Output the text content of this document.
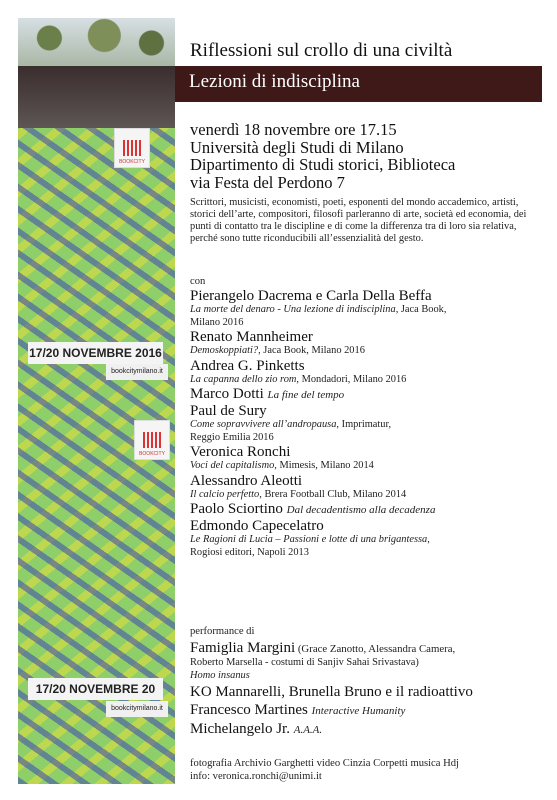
BOOKCITY
17/20 NOVEMBRE 2016
bookcitymilano.it
BOOKCITY
17/20 NOVEMBRE 20
bookcitymilano.it
Riflessioni sul crollo di una civiltà
Lezioni di indisciplina
venerdì 18 novembre ore 17.15
Università degli Studi di Milano
Dipartimento di Studi storici, Biblioteca
via Festa del Perdono 7
Scrittori, musicisti, economisti, poeti, esponenti del mondo accademico, artisti, storici dell’arte, compositori, filosofi parleranno di arte, società ed economia, dei punti di contatto tra le discipline e di come la differenza tra di loro sia relativa, perché sono tutte riconducibili all’essenzialità del gesto.
con
Pierangelo Dacrema e Carla Della Beffa
La morte del denaro - Una lezione di indisciplina, Jaca Book,
Milano 2016
Renato Mannheimer
Demoskoppiati?, Jaca Book, Milano 2016
Andrea G. Pinketts
La capanna dello zio rom, Mondadori, Milano 2016
Marco Dotti La fine del tempo
Paul de Sury
Come sopravvivere all’andropausa, Imprimatur,
Reggio Emilia 2016
Veronica Ronchi
Voci del capitalismo, Mimesis, Milano 2014
Alessandro Aleotti
Il calcio perfetto, Brera Football Club, Milano 2014
Paolo Sciortino Dal decadentismo alla decadenza
Edmondo Capecelatro
Le Ragioni di Lucia – Passioni e lotte di una brigantessa,
Rogiosi editori, Napoli 2013
performance di
Famiglia Margini (Grace Zanotto, Alessandra Camera,
Roberto Marsella - costumi di Sanjiv Sahai Srivastava)
Homo insanus
KO Mannarelli, Brunella Bruno e il radioattivo
Francesco Martines Interactive Humanity
Michelangelo Jr. A.A.A.
fotografia Archivio Garghetti video Cinzia Corpetti musica Hdj
info: veronica.ronchi@unimi.it
